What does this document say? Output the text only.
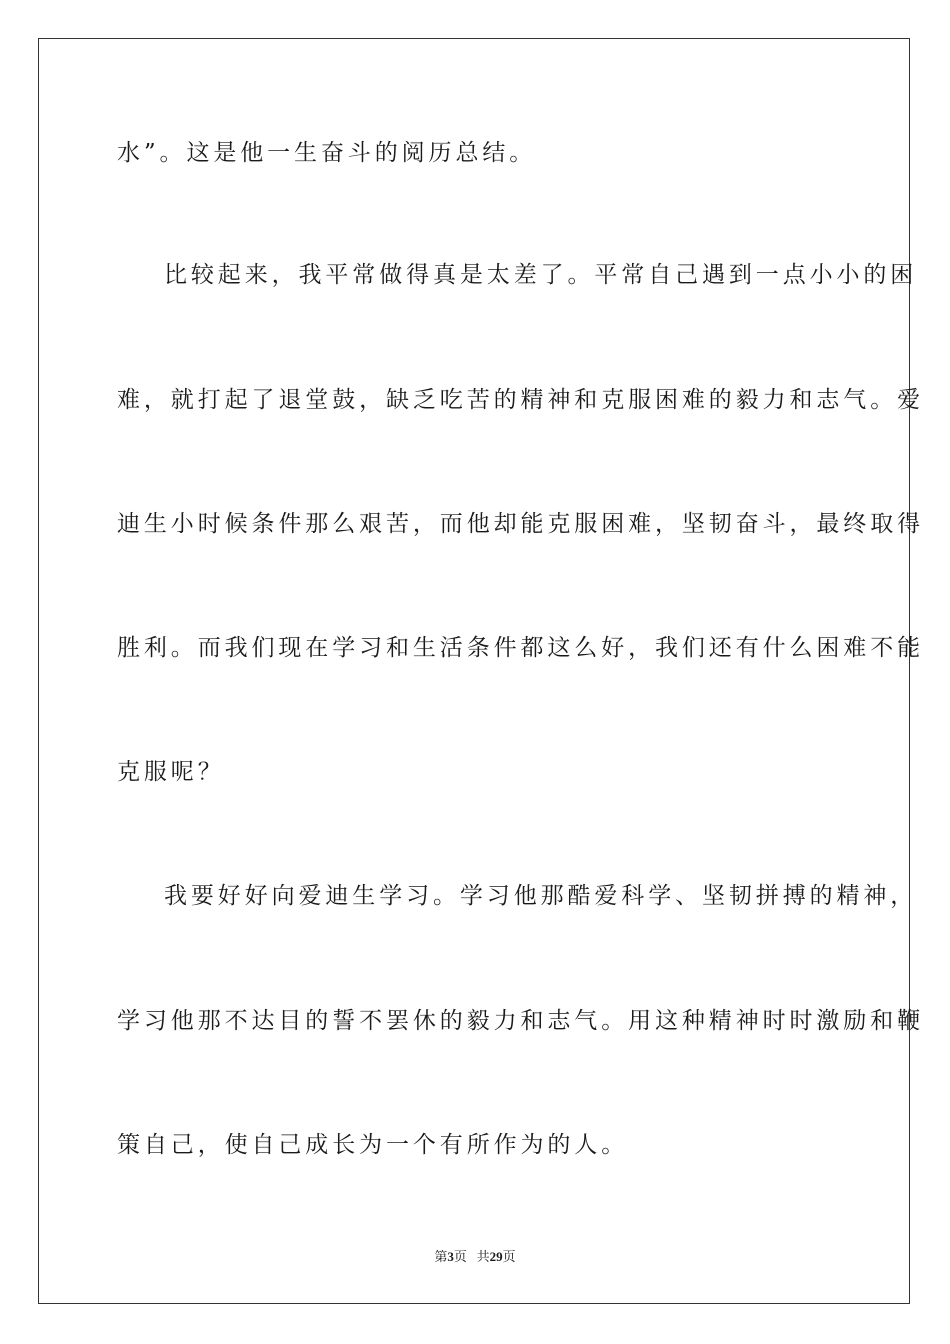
水”。这是他一生奋斗的阅历总结。
比较起来，我平常做得真是太差了。平常自己遇到一点小小的困
难，就打起了退堂鼓，缺乏吃苦的精神和克服困难的毅力和志气。爱
迪生小时候条件那么艰苦，而他却能克服困难，坚韧奋斗，最终取得
胜利。而我们现在学习和生活条件都这么好，我们还有什么困难不能
克服呢？
我要好好向爱迪生学习。学习他那酷爱科学、坚韧拼搏的精神，
学习他那不达目的誓不罢休的毅力和志气。用这种精神时时激励和鞭
策自己，使自己成长为一个有所作为的人。
第3页 共29页
